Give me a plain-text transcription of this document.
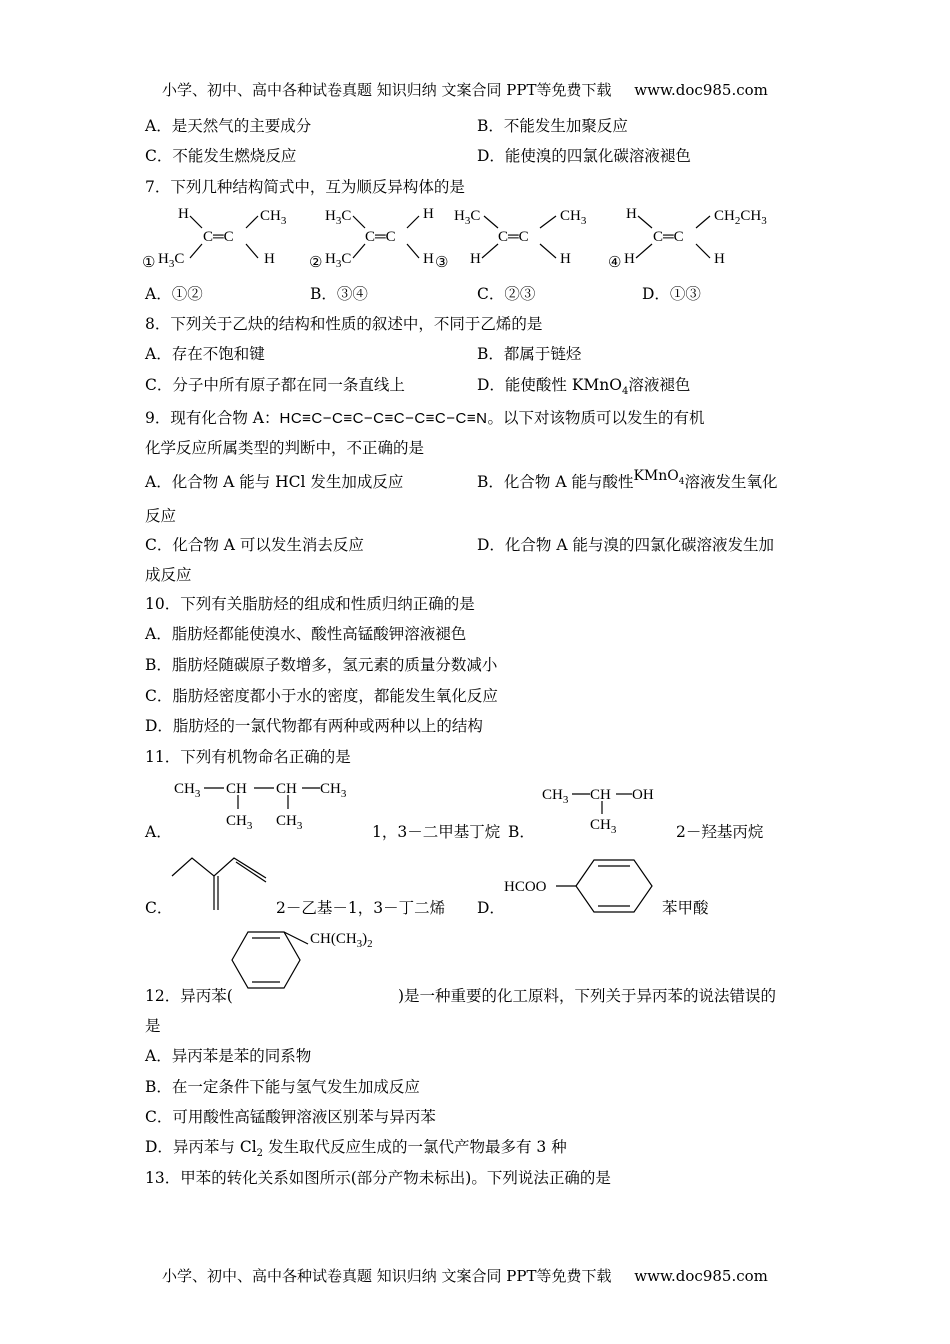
小学、初中、高中各种试卷真题 知识归纳 文案合同 PPT等免费下载 www.doc985.com
A．是天然气的主要成分	B．不能发生加聚反应
C．不能发生燃烧反应	D．能使溴的四氯化碳溶液褪色
7．下列几种结构简式中，互为顺反异构体的是
①
H	$CH_3$
$H_3C$	H
C═C
②
$H_3C$	H
$H_3C$	H ③
C═C
$H_3C$	$CH_3$
H	H
C═C
④
H	$CH_2CH_3$
H	H
C═C
A．①②	B．③④	C．②③	D．①③
8．下列关于乙炔的结构和性质的叙述中，不同于乙烯的是
A．存在不饱和键	B．都属于链烃
C．分子中所有原子都在同一条直线上	D．能使酸性 KMnO$_4$溶液褪色
9．现有化合物 A：HC≡C−C≡C−C≡C−C≡C−C≡N。以下对该物质可以发生的有机
化学反应所属类型的判断中，不正确的是
A．化合物 A 能与 HCl 发生加成反应	B．化合物 A 能与酸性KMnO$_4$溶液发生氧化
反应
C．化合物 A 可以发生消去反应	D．化合物 A 能与溴的四氯化碳溶液发生加
成反应
10．下列有关脂肪烃的组成和性质归纳正确的是
A．脂肪烃都能使溴水、酸性高锰酸钾溶液褪色
B．脂肪烃随碳原子数增多，氢元素的质量分数减小
C．脂肪烃密度都小于水的密度，都能发生氧化反应
D．脂肪烃的一氯代物都有两种或两种以上的结构
11．下列有机物命名正确的是
$CH_3$ CH
$CH_3$
CH
$CH_3$
$CH_3$
A．	1，3－二甲基丁烷 B．
$CH_3$ CH
$CH_3$
OH
2－羟基丙烷
C．	2－乙基－1，3－丁二烯 D．
HCOO
苯甲酸
$CH(CH_3)_2$
12．异丙苯(	)是一种重要的化工原料，下列关于异丙苯的说法错误的
是
A．异丙苯是苯的同系物
B．在一定条件下能与氢气发生加成反应
C．可用酸性高锰酸钾溶液区别苯与异丙苯
D．异丙苯与 $Cl_2$ 发生取代反应生成的一氯代产物最多有 3 种
13．甲苯的转化关系如图所示(部分产物未标出)。下列说法正确的是
小学、初中、高中各种试卷真题 知识归纳 文案合同 PPT等免费下载 www.doc985.com
